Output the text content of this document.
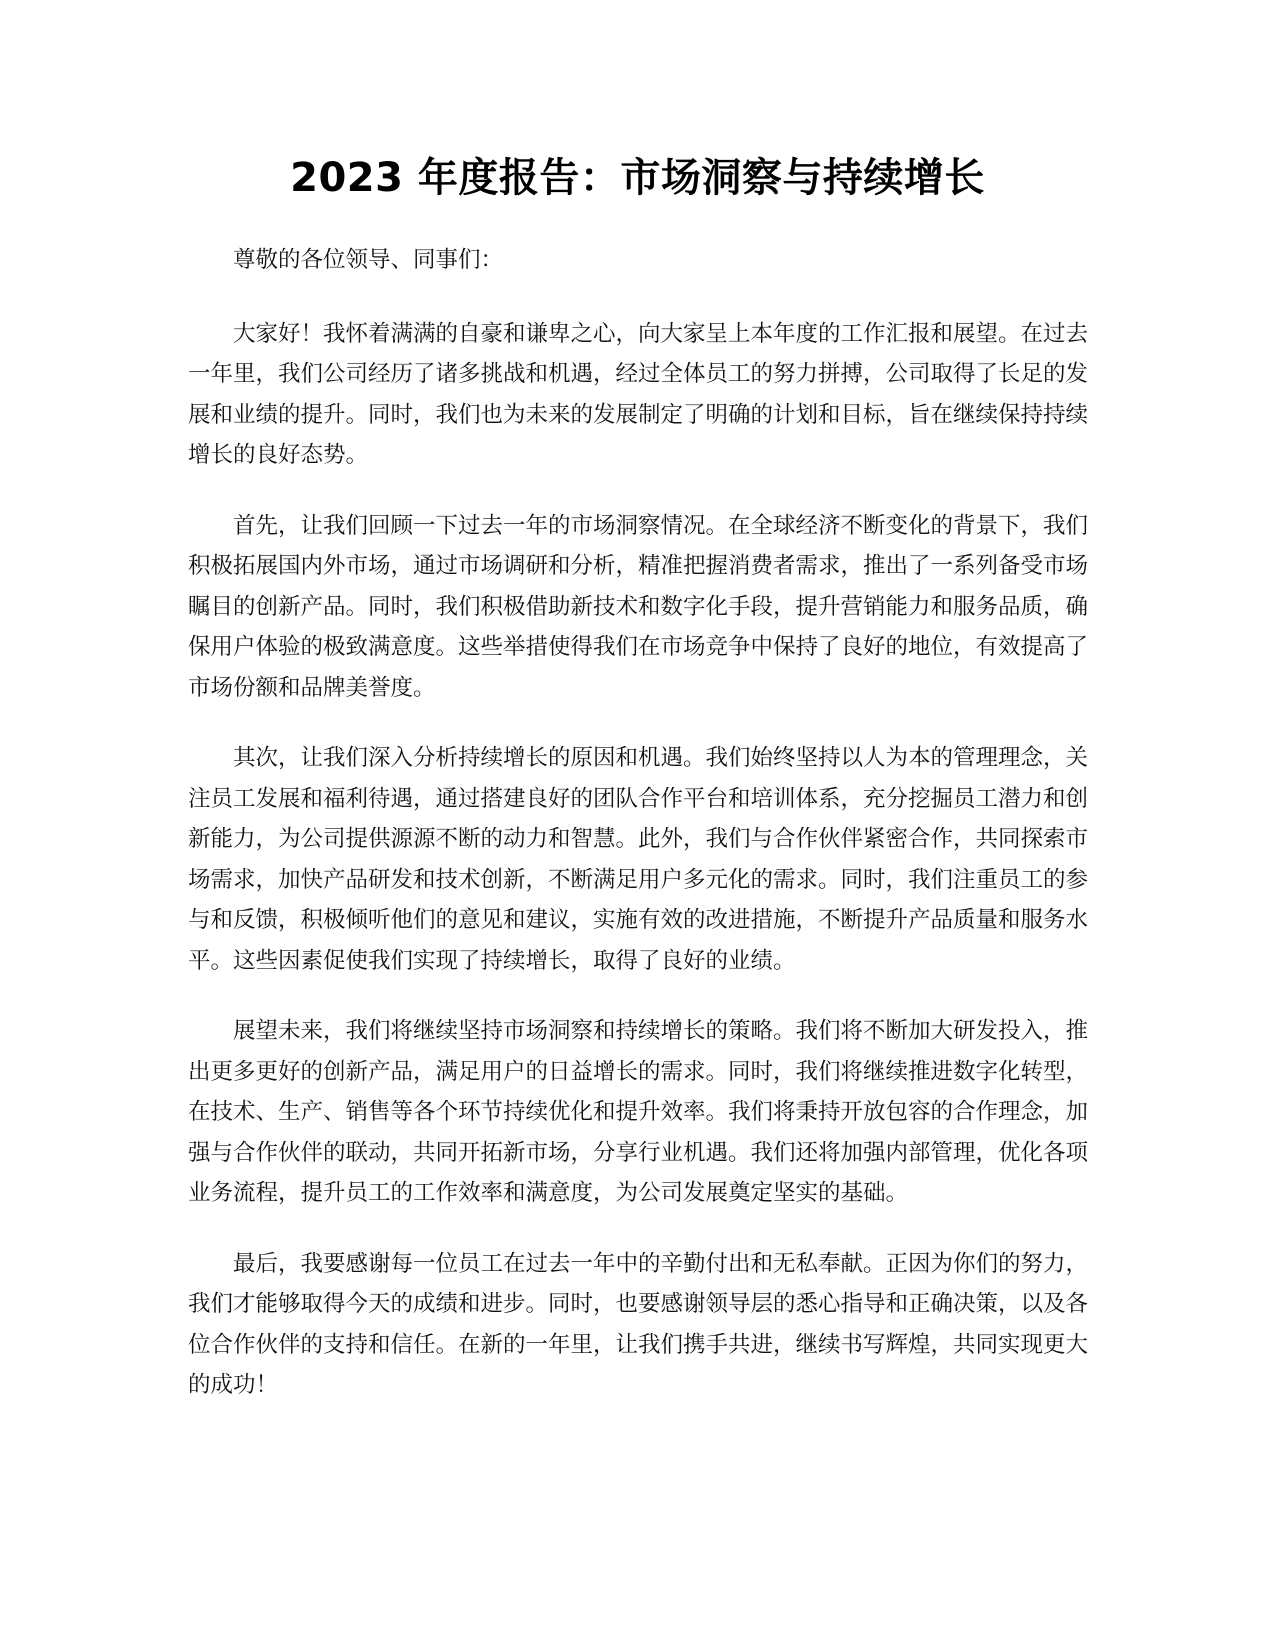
2023 年度报告：市场洞察与持续增长

尊敬的各位领导、同事们：

大家好！我怀着满满的自豪和谦卑之心，向大家呈上本年度的工作汇报和展望。在过去一年里，我们公司经历了诸多挑战和机遇，经过全体员工的努力拼搏，公司取得了长足的发展和业绩的提升。同时，我们也为未来的发展制定了明确的计划和目标，旨在继续保持持续增长的良好态势。

首先，让我们回顾一下过去一年的市场洞察情况。在全球经济不断变化的背景下，我们积极拓展国内外市场，通过市场调研和分析，精准把握消费者需求，推出了一系列备受市场瞩目的创新产品。同时，我们积极借助新技术和数字化手段，提升营销能力和服务品质，确保用户体验的极致满意度。这些举措使得我们在市场竞争中保持了良好的地位，有效提高了市场份额和品牌美誉度。

其次，让我们深入分析持续增长的原因和机遇。我们始终坚持以人为本的管理理念，关注员工发展和福利待遇，通过搭建良好的团队合作平台和培训体系，充分挖掘员工潜力和创新能力，为公司提供源源不断的动力和智慧。此外，我们与合作伙伴紧密合作，共同探索市场需求，加快产品研发和技术创新，不断满足用户多元化的需求。同时，我们注重员工的参与和反馈，积极倾听他们的意见和建议，实施有效的改进措施，不断提升产品质量和服务水平。这些因素促使我们实现了持续增长，取得了良好的业绩。

展望未来，我们将继续坚持市场洞察和持续增长的策略。我们将不断加大研发投入，推出更多更好的创新产品，满足用户的日益增长的需求。同时，我们将继续推进数字化转型，在技术、生产、销售等各个环节持续优化和提升效率。我们将秉持开放包容的合作理念，加强与合作伙伴的联动，共同开拓新市场，分享行业机遇。我们还将加强内部管理，优化各项业务流程，提升员工的工作效率和满意度，为公司发展奠定坚实的基础。

最后，我要感谢每一位员工在过去一年中的辛勤付出和无私奉献。正因为你们的努力，我们才能够取得今天的成绩和进步。同时，也要感谢领导层的悉心指导和正确决策，以及各位合作伙伴的支持和信任。在新的一年里，让我们携手共进，继续书写辉煌，共同实现更大的成功！
